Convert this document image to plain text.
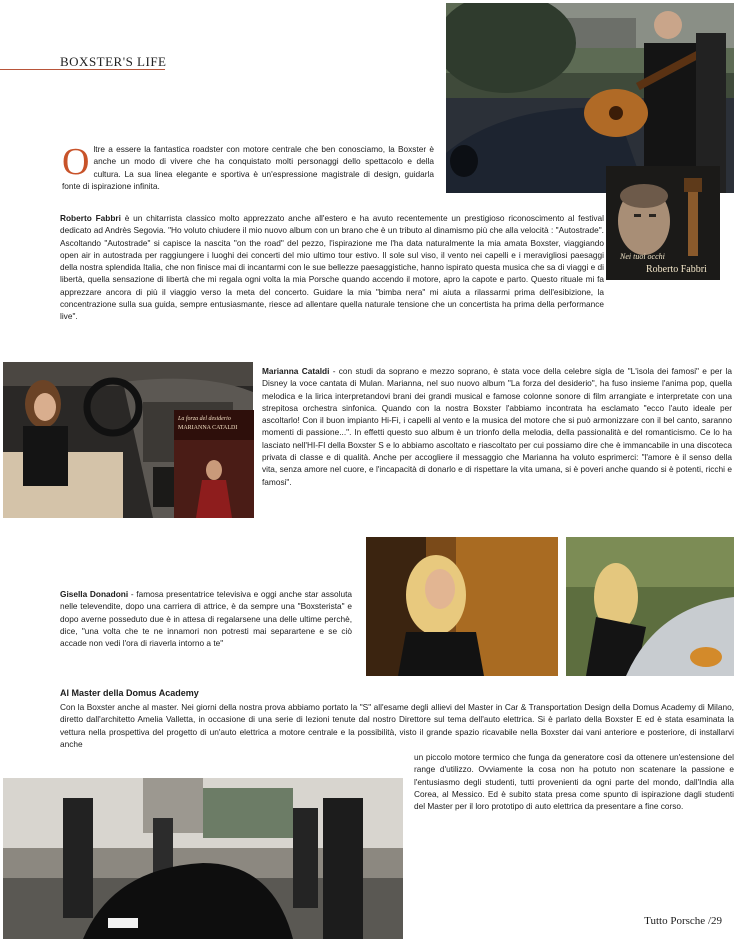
BOXSTER'S LIFE
Nei tuoi occhi
Roberto Fabbri

Oltre a essere la fantastica roadster con motore centrale che ben conosciamo, la Boxster è anche un modo di vivere che ha conquistato molti personaggi dello spettacolo e della cultura. La sua linea elegante e sportiva è un'espressione magistrale di design, guidarla fonte di ispirazione infinita.

Roberto Fabbri è un chitarrista classico molto apprezzato anche all'estero e ha avuto recentemente un prestigioso riconoscimento al festival dedicato ad Andrès Segovia. "Ho voluto chiudere il mio nuovo album con un brano che è un tributo al dinamismo più che alla velocità : "Autostrade". Ascoltando "Autostrade" si capisce la nascita "on the road" del pezzo, l'ispirazione me l'ha data naturalmente la mia amata Boxster, viaggiando open air in autostrada per raggiungere i luoghi dei concerti del mio ultimo tour estivo. Il sole sul viso, il vento nei capelli e i meravigliosi paesaggi della nostra splendida Italia, che non finisce mai di incantarmi con le sue bellezze paesaggistiche, hanno ispirato questa musica che sa di viaggi e di libertà, quella sensazione di libertà che mi regala ogni volta la mia Porsche quando accendo il motore, apro la capote e parto. Questo rituale mi fa apprezzare ancora di più il viaggio verso la meta del concerto. Guidare la mia "bimba nera" mi aiuta a rilassarmi prima dell'esibizione, la concentrazione sulla sua guida, sempre entusiasmante, riesce ad allentare quella naturale tensione che un concertista ha prima della performance live".

La forza del desiderio
MARIANNA CATALDI

Marianna Cataldi - con studi da soprano e mezzo soprano, è stata voce della celebre sigla de "L'isola dei famosi" e per la Disney la voce cantata di Mulan. Marianna, nel suo nuovo album "La forza del desiderio", ha fuso insieme l'anima pop, quella melodica e la lirica interpretandovi brani dei grandi musical e famose colonne sonore di film arrangiate e interpretate con una strepitosa orchestra sinfonica. Quando con la nostra Boxster l'abbiamo incontrata ha esclamato "ecco l'auto ideale per ascoltarlo! Con il buon impianto Hi-Fi, i capelli al vento e la musica del motore che si può armonizzare con il bel canto, saranno momenti di passione...". In effetti questo suo album è un trionfo della melodia, della passionalità e del romanticismo. Ce lo ha lasciato nell'HI-FI della Boxster S e lo abbiamo ascoltato e riascoltato per cui possiamo dire che è immancabile in una discoteca privata di classe e di qualità. Anche per accogliere il messaggio che Marianna ha voluto esprimerci: "l'amore è il senso della vita, senza amore nel cuore, e l'incapacità di donarlo e di rispettare la vita umana, si è poveri anche quando si è potenti, ricchi e famosi".

Gisella Donadoni - famosa presentatrice televisiva e oggi anche star assoluta nelle televendite, dopo una carriera di attrice, è da sempre una "Boxsterista" e dopo averne posseduto due è in attesa di regalarsene una delle ultime perchè, dice, "una volta che te ne innamori non potresti mai separartene e se ciò accade non vedi l'ora di riaverla intorno a te"

Al Master della Domus Academy

Con la Boxster anche al master. Nei giorni della nostra prova abbiamo portato la "S" all'esame degli allievi del Master in Car & Transportation Design della Domus Academy di Milano, diretto dall'architetto Amelia Valletta, in occasione di una serie di lezioni tenute dal nostro Direttore sul tema dell'auto elettrica. Si è parlato della Boxster E ed è stata esaminata la vettura nella prospettiva del progetto di un'auto elettrica a motore centrale e la possibilità, visto il grande spazio ricavabile nella Boxster dai vani anteriore e posteriore, di installarvi anche

un piccolo motore termico che funga da generatore così da ottenere un'estensione del range d'utilizzo. Ovviamente la cosa non ha potuto non scatenare la passione e l'entusiasmo degli studenti, tutti provenienti da ogni parte del mondo, dall'India alla Corea, al Messico. Ed è subito stata presa come spunto di ispirazione dagli studenti del Master per il loro prototipo di auto elettrica da presentare a fine corso.

Tutto Porsche /29
